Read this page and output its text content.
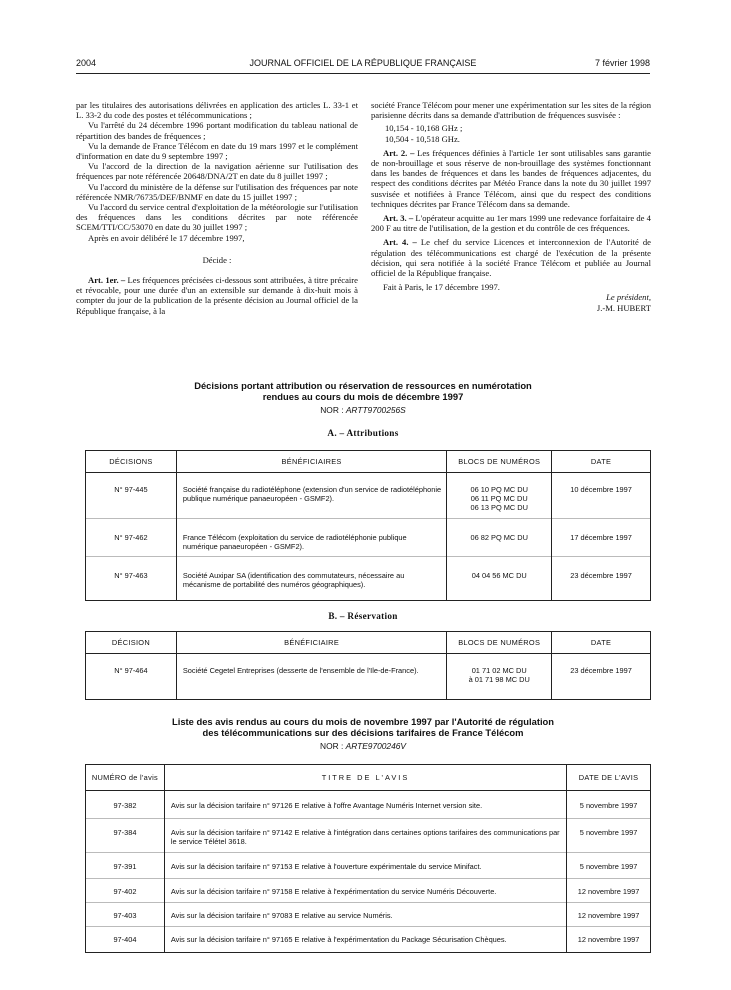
2004	JOURNAL OFFICIEL DE LA RÉPUBLIQUE FRANÇAISE	7 février 1998

par les titulaires des autorisations délivrées en application des articles L. 33-1 et L. 33-2 du code des postes et télécommunications ;

Vu l'arrêté du 24 décembre 1996 portant modification du tableau national de répartition des bandes de fréquences ;

Vu la demande de France Télécom en date du 19 mars 1997 et le complément d'information en date du 9 septembre 1997 ;

Vu l'accord de la direction de la navigation aérienne sur l'utilisation des fréquences par note référencée 20648/DNA/2T en date du 8 juillet 1997 ;

Vu l'accord du ministère de la défense sur l'utilisation des fréquences par note référencée NMR/76735/DEF/BNMF en date du 15 juillet 1997 ;

Vu l'accord du service central d'exploitation de la météorologie sur l'utilisation des fréquences dans les conditions décrites par note référencée SCEM/TTI/CC/53070 en date du 30 juillet 1997 ;

Après en avoir délibéré le 17 décembre 1997,

Décide :

Art. 1er. – Les fréquences précisées ci-dessous sont attribuées, à titre précaire et révocable, pour une durée d'un an extensible sur demande à dix-huit mois à compter du jour de la publication de la présente décision au Journal officiel de la République française, à la

société France Télécom pour mener une expérimentation sur les sites de la région parisienne décrits dans sa demande d'attribution de fréquences susvisée :

10,154 - 10,168 GHz ;

10,504 - 10,518 GHz.

Art. 2. – Les fréquences définies à l'article 1er sont utilisables sans garantie de non-brouillage et sous réserve de non-brouillage des systèmes fonctionnant dans les bandes de fréquences et dans les bandes de fréquences adjacentes, du respect des conditions décrites par Météo France dans la note du 30 juillet 1997 susvisée et notifiées à France Télécom, ainsi que du respect des conditions techniques décrites par France Télécom dans sa demande.

Art. 3. – L'opérateur acquitte au 1er mars 1999 une redevance forfaitaire de 4 200 F au titre de l'utilisation, de la gestion et du contrôle de ces fréquences.

Art. 4. – Le chef du service Licences et interconnexion de l'Autorité de régulation des télécommunications est chargé de l'exécution de la présente décision, qui sera notifiée à la société France Télécom et publiée au Journal officiel de la République française.

Fait à Paris, le 17 décembre 1997.

Le président,

J.-M. HUBERT

Décisions portant attribution ou réservation de ressources en numérotation
rendues au cours du mois de décembre 1997
NOR : ARTT9700256S
A. – Attributions
DÉCISIONS	BÉNÉFICIAIRES	BLOCS DE NUMÉROS	DATE
N° 97-445	Société française du radiotéléphone (extension d'un service de radiotéléphonie publique numérique panaeuropéen - GSMF2).	06 10 PQ MC DU
06 11 PQ MC DU
06 13 PQ MC DU	10 décembre 1997
N° 97-462	France Télécom (exploitation du service de radiotéléphonie publique numérique panaeuropéen - GSMF2).	06 82 PQ MC DU	17 décembre 1997
N° 97-463	Société Auxipar SA (identification des commutateurs, nécessaire au mécanisme de portabilité des numéros géographiques).	04 04 56 MC DU	23 décembre 1997
B. – Réservation
DÉCISION	BÉNÉFICIAIRE	BLOCS DE NUMÉROS	DATE
N° 97-464	Société Cegetel Entreprises (desserte de l'ensemble de l'Ile-de-France).	01 71 02 MC DU
à 01 71 98 MC DU	23 décembre 1997
Liste des avis rendus au cours du mois de novembre 1997 par l'Autorité de régulation
des télécommunications sur des décisions tarifaires de France Télécom
NOR : ARTE9700246V
NUMÉRO de l'avis	TITRE DE L'AVIS	DATE DE L'AVIS
97-382	Avis sur la décision tarifaire n° 97126 E relative à l'offre Avantage Numéris Internet version site.	5 novembre 1997
97-384	Avis sur la décision tarifaire n° 97142 E relative à l'intégration dans certaines options tarifaires des communications par le service Télétel 3618.	5 novembre 1997
97-391	Avis sur la décision tarifaire n° 97153 E relative à l'ouverture expérimentale du service Minifact.	5 novembre 1997
97-402	Avis sur la décision tarifaire n° 97158 E relative à l'expérimentation du service Numéris Découverte.	12 novembre 1997
97-403	Avis sur la décision tarifaire n° 97083 E relative au service Numéris.	12 novembre 1997
97-404	Avis sur la décision tarifaire n° 97165 E relative à l'expérimentation du Package Sécurisation Chèques.	12 novembre 1997
